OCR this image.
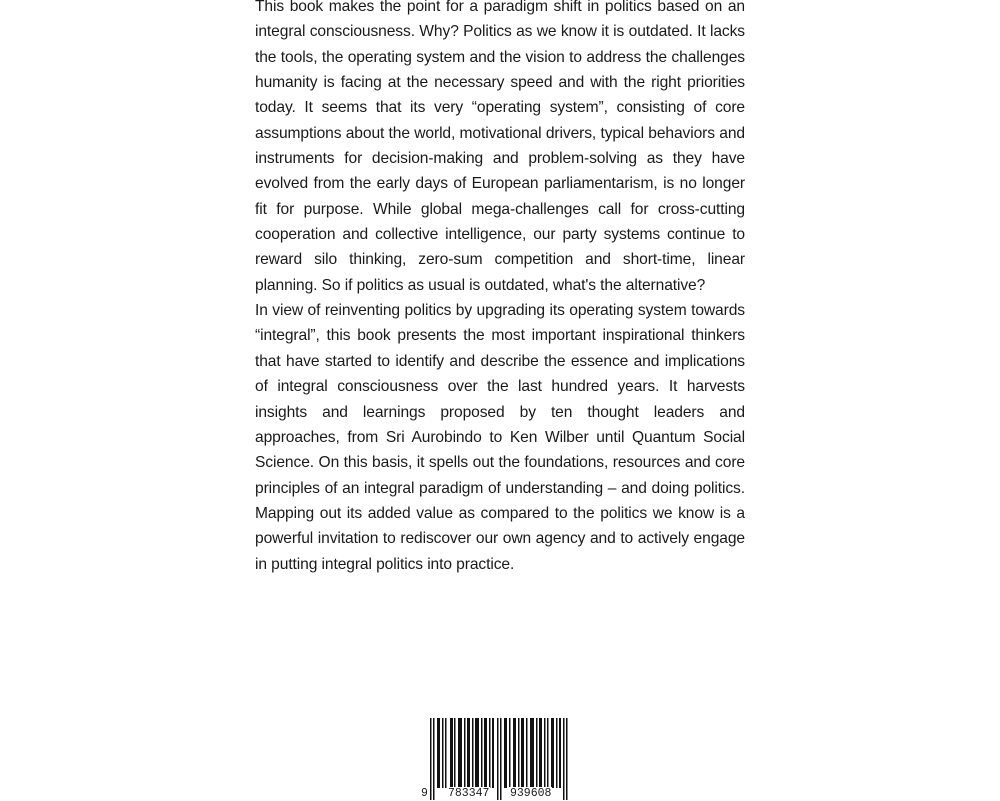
This book makes the point for a paradigm shift in politics based on an integral consciousness. Why? Politics as we know it is outdated. It lacks the tools, the operating system and the vision to address the challenges humanity is facing at the necessary speed and with the right priorities today. It seems that its very “operating system”, consisting of core assumptions about the world, motivational drivers, typical behaviors and instruments for decision-making and problem-solving as they have evolved from the early days of European parliamentarism, is no longer fit for purpose. While global mega-challenges call for cross-cutting cooperation and collective intelligence, our party systems continue to reward silo thinking, zero-sum competition and short-time, linear planning. So if politics as usual is outdated, what's the alternative?

In view of reinventing politics by upgrading its operating system towards “integral”, this book presents the most important inspirational thinkers that have started to identify and describe the essence and implications of integral consciousness over the last hundred years. It harvests insights and learnings proposed by ten thought leaders and approaches, from Sri Aurobindo to Ken Wilber until Quantum Social Science. On this basis, it spells out the foundations, resources and core principles of an integral paradigm of understanding – and doing politics. Mapping out its added value as compared to the politics we know is a powerful invitation to rediscover our own agency and to actively engage in putting integral politics into practice.

9 783347 939608
